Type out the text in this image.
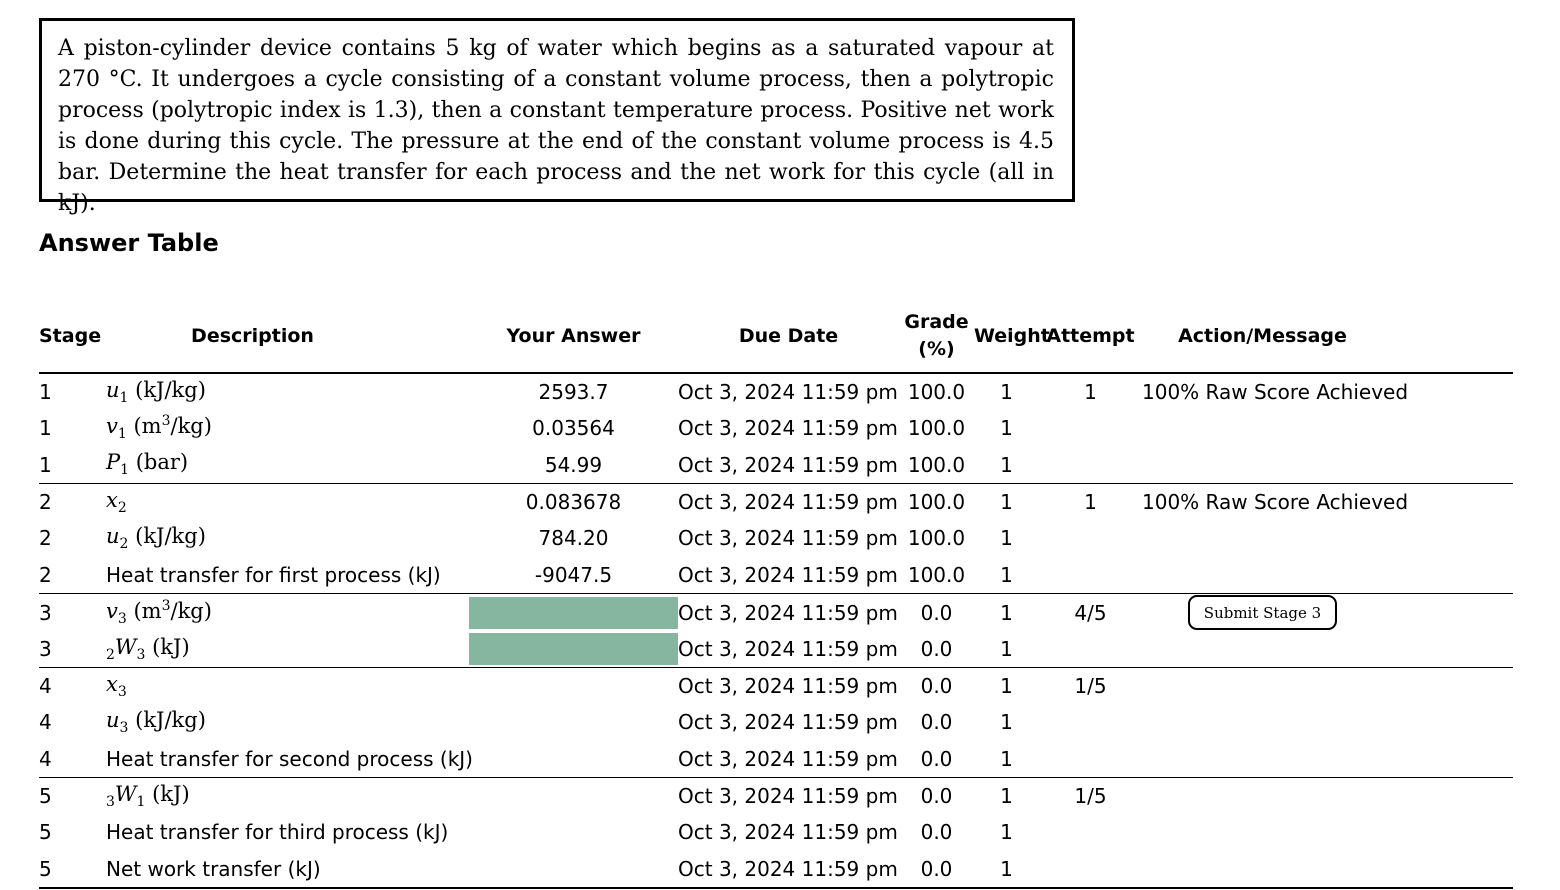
A piston-cylinder device contains 5 kg of water which begins as a saturated vapour at 270 °C. It undergoes a cycle consisting of a constant volume process, then a polytropic process (polytropic index is 1.3), then a constant temperature process. Positive net work is done during this cycle. The pressure at the end of the constant volume process is 4.5 bar. Determine the heat transfer for each process and the net work for this cycle (all in kJ).

Answer Table
Stage	Description	Your Answer	Due Date	Grade (%)	Weight	Attempt	Action/Message	
1	$u_1$ (kJ/kg)	2593.7	Oct 3, 2024 11:59 pm	100.0	1	1	100% Raw Score Achieved	
1	$v_1$ $(m^3/kg)$	0.03564	Oct 3, 2024 11:59 pm	100.0	1			
1	$P_1$ (bar)	54.99	Oct 3, 2024 11:59 pm	100.0	1			
2	$x_2$	0.083678	Oct 3, 2024 11:59 pm	100.0	1	1	100% Raw Score Achieved	
2	$u_2$ (kJ/kg)	784.20	Oct 3, 2024 11:59 pm	100.0	1			
2	Heat transfer for first process (kJ)	-9047.5	Oct 3, 2024 11:59 pm	100.0	1			
3	$v_3$ $(m^3/kg)$		Oct 3, 2024 11:59 pm	0.0	1	4/5	Submit Stage 3	
3	$_2W_3$ (kJ)		Oct 3, 2024 11:59 pm	0.0	1			
4	$x_3$		Oct 3, 2024 11:59 pm	0.0	1	1/5		
4	$u_3$ (kJ/kg)		Oct 3, 2024 11:59 pm	0.0	1			
4	Heat transfer for second process (kJ)		Oct 3, 2024 11:59 pm	0.0	1			
5	$_3W_1$ (kJ)		Oct 3, 2024 11:59 pm	0.0	1	1/5		
5	Heat transfer for third process (kJ)		Oct 3, 2024 11:59 pm	0.0	1			
5	Net work transfer (kJ)		Oct 3, 2024 11:59 pm	0.0	1			
